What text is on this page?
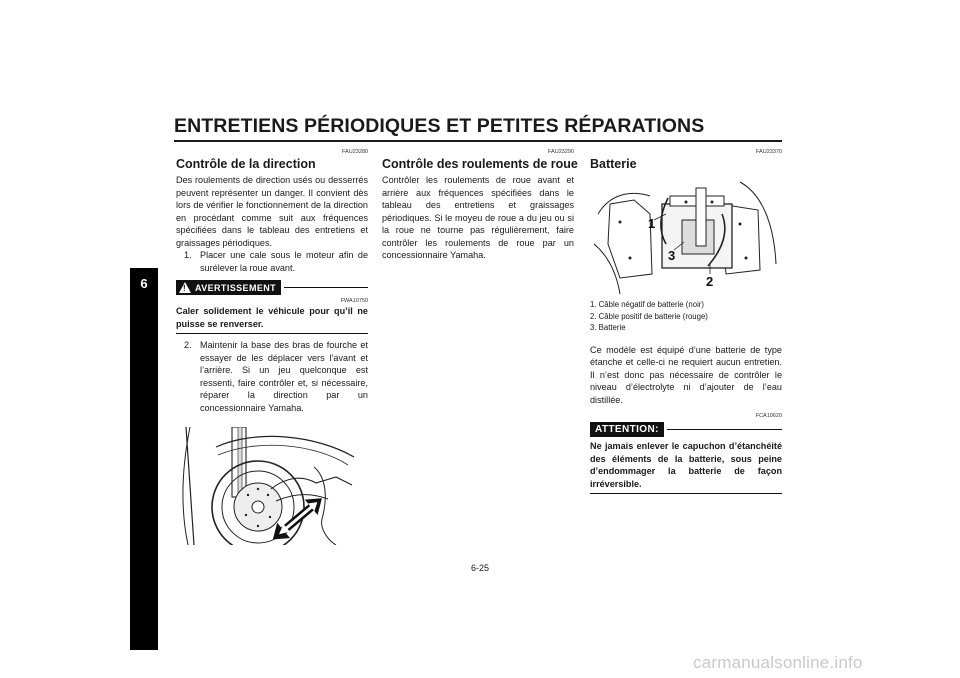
ENTRETIENS PÉRIODIQUES ET PETITES RÉPARATIONS
6
FAU23280
Contrôle de la direction

Des roulements de direction usés ou desserrés peuvent représenter un danger. Il convient dès lors de vérifier le fonctionnement de la direction en procédant comme suit aux fréquences spécifiées dans le tableau des entretiens et graissages périodiques.

1. Placer une cale sous le moteur afin de surélever la roue avant.
! AVERTISSEMENT
FWA10750
Caler solidement le véhicule pour qu’il ne puisse se renverser.
2. Maintenir la base des bras de fourche et essayer de les déplacer vers l’avant et l’arrière. Si un jeu quelconque est ressenti, faire contrôler et, si nécessaire, réparer la direction par un concessionnaire Yamaha.
FAU23290
Contrôle des roulements de roue

Contrôler les roulements de roue avant et arrière aux fréquences spécifiées dans le tableau des entretiens et graissages périodiques. Si le moyeu de roue a du jeu ou si la roue ne tourne pas régulièrement, faire contrôler les roulements de roue par un concessionnaire Yamaha.

FAU23370
Batterie
1
2
3
1. Câble négatif de batterie (noir)
2. Câble positif de batterie (rouge)
3. Batterie

Ce modèle est équipé d’une batterie de type étanche et celle-ci ne requiert aucun entretien. Il n’est donc pas nécessaire de contrôler le niveau d’électrolyte ni d’ajouter de l’eau distillée.

FCA10620
ATTENTION:
Ne jamais enlever le capuchon d’étanchéité des éléments de la batterie, sous peine d’endommager la batterie de façon irréversible.
6-25
carmanualsonline.info
